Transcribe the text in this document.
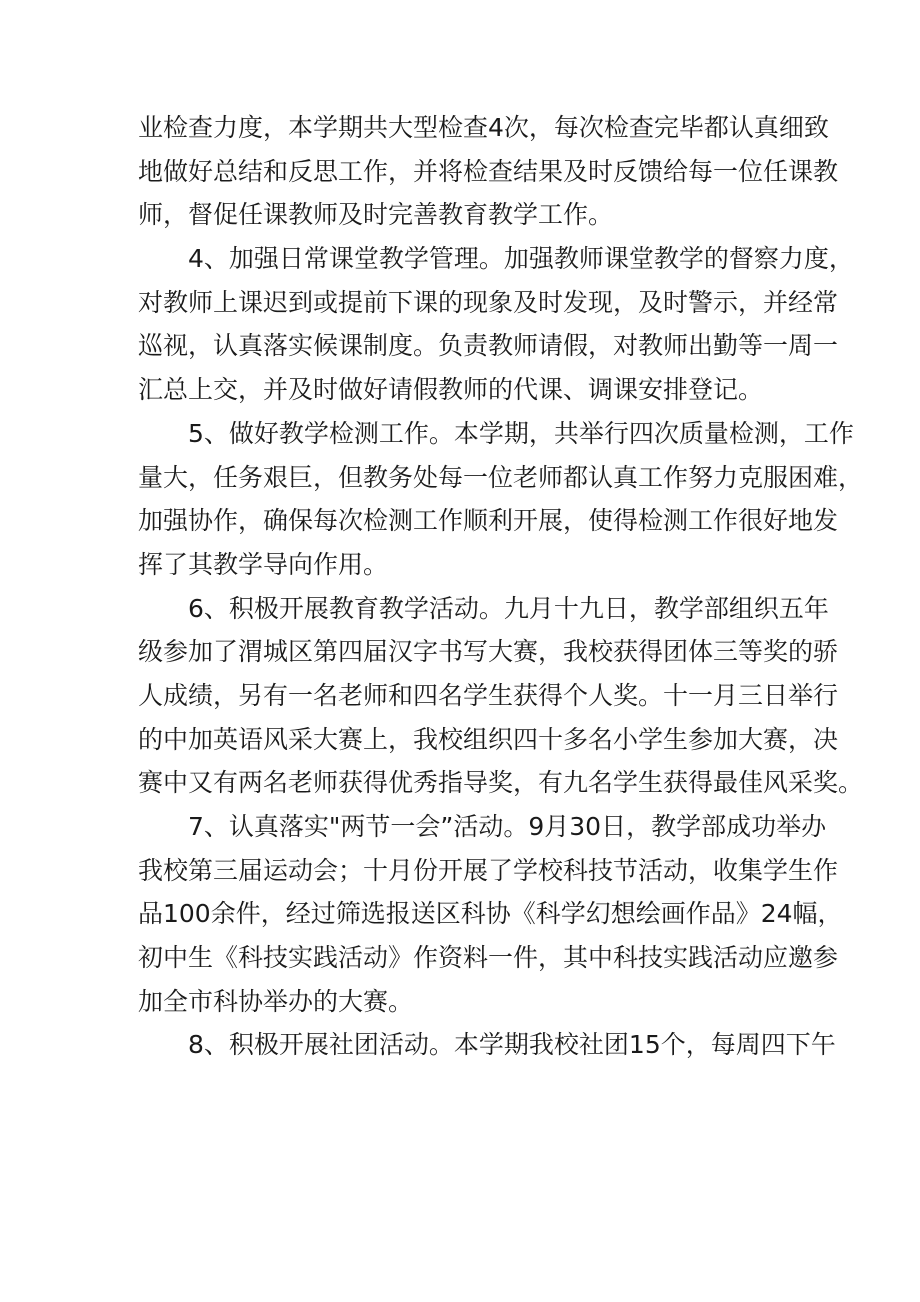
业检查力度，本学期共大型检查4次，每次检查完毕都认真细致
地做好总结和反思工作，并将检查结果及时反馈给每一位任课教
师，督促任课教师及时完善教育教学工作。
4、加强日常课堂教学管理。加强教师课堂教学的督察力度，
对教师上课迟到或提前下课的现象及时发现，及时警示，并经常
巡视，认真落实候课制度。负责教师请假，对教师出勤等一周一
汇总上交，并及时做好请假教师的代课、调课安排登记。
5、做好教学检测工作。本学期，共举行四次质量检测，工作
量大，任务艰巨，但教务处每一位老师都认真工作努力克服困难，
加强协作，确保每次检测工作顺利开展，使得检测工作很好地发
挥了其教学导向作用。
6、积极开展教育教学活动。九月十九日，教学部组织五年
级参加了渭城区第四届汉字书写大赛，我校获得团体三等奖的骄
人成绩，另有一名老师和四名学生获得个人奖。十一月三日举行
的中加英语风采大赛上，我校组织四十多名小学生参加大赛，决
赛中又有两名老师获得优秀指导奖，有九名学生获得最佳风采奖。
7、认真落实"两节一会”活动。9月30日，教学部成功举办
我校第三届运动会；十月份开展了学校科技节活动，收集学生作
品100余件，经过筛选报送区科协《科学幻想绘画作品》24幅，
初中生《科技实践活动》作资料一件，其中科技实践活动应邀参
加全市科协举办的大赛。
8、积极开展社团活动。本学期我校社团15个，每周四下午
